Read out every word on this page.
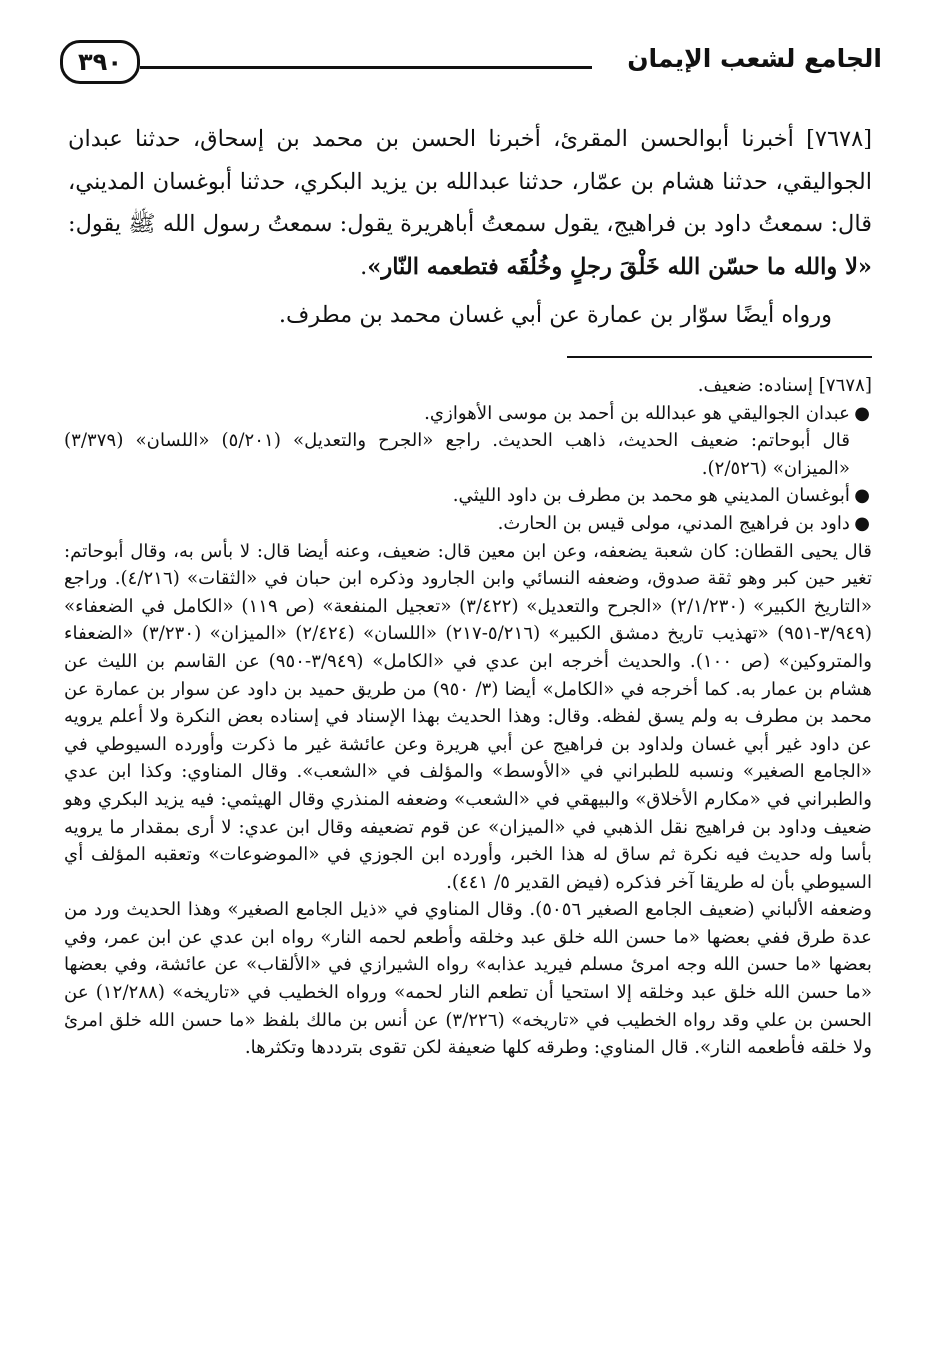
الجامع لشعب الإيمان
٣٩٠

[٧٦٧٨] أخبرنا أبوالحسن المقرئ، أخبرنا الحسن بن محمد بن إسحاق، حدثنا عبدان الجواليقي، حدثنا هشام بن عمّار، حدثنا عبدالله بن يزيد البكري، حدثنا أبوغسان المديني، قال: سمعتُ داود بن فراهيج، يقول سمعتُ أباهريرة يقول: سمعتُ رسول الله ﷺ يقول: «لا والله ما حسّن الله خَلْقَ رجلٍ وخُلُقَه فتطعمه النّار».

ورواه أيضًا سوّار بن عمارة عن أبي غسان محمد بن مطرف.

[٧٦٧٨] إسناده: ضعيف.

●
عبدان الجواليقي هو عبدالله بن أحمد بن موسى الأهوازي.

قال أبوحاتم: ضعيف الحديث، ذاهب الحديث. راجع «الجرح والتعديل» (٥/٢٠١) «اللسان» (٣/٣٧٩) «الميزان» (٢/٥٢٦).

●
أبوغسان المديني هو محمد بن مطرف بن داود الليثي.
●
داود بن فراهيج المدني، مولى قيس بن الحارث.

قال يحيى القطان: كان شعبة يضعفه، وعن ابن معين قال: ضعيف، وعنه أيضا قال: لا بأس به، وقال أبوحاتم: تغير حين كبر وهو ثقة صدوق، وضعفه النسائي وابن الجارود وذكره ابن حبان في «الثقات» (٤/٢١٦). وراجع «التاريخ الكبير» (٢/١/٢٣٠) «الجرح والتعديل» (٣/٤٢٢) «تعجيل المنفعة» (ص ١١٩) «الكامل في الضعفاء» (٣/٩٤٩-٩٥١) «تهذيب تاريخ دمشق الكبير» (٥/٢١٦-٢١٧) «اللسان» (٢/٤٢٤) «الميزان» (٣/٢٣٠) «الضعفاء والمتروكين» (ص ١٠٠). والحديث أخرجه ابن عدي في «الكامل» (٣/٩٤٩-٩٥٠) عن القاسم بن الليث عن هشام بن عمار به. كما أخرجه في «الكامل» أيضا (٣/ ٩٥٠) من طريق حميد بن داود عن سوار بن عمارة عن محمد بن مطرف به ولم يسق لفظه. وقال: وهذا الحديث بهذا الإسناد في إسناده بعض النكرة ولا أعلم يرويه عن داود غير أبي غسان ولداود بن فراهيج عن أبي هريرة وعن عائشة غير ما ذكرت وأورده السيوطي في «الجامع الصغير» ونسبه للطبراني في «الأوسط» والمؤلف في «الشعب». وقال المناوي: وكذا ابن عدي والطبراني في «مكارم الأخلاق» والبيهقي في «الشعب» وضعفه المنذري وقال الهيثمي: فيه يزيد البكري وهو ضعيف وداود بن فراهيج نقل الذهبي في «الميزان» عن قوم تضعيفه وقال ابن عدي: لا أرى بمقدار ما يرويه بأسا وله حديث فيه نكرة ثم ساق له هذا الخبر، وأورده ابن الجوزي في «الموضوعات» وتعقبه المؤلف أي السيوطي بأن له طريقا آخر فذكره (فيض القدير ٥/ ٤٤١).

وضعفه الألباني (ضعيف الجامع الصغير ٥٠٥٦). وقال المناوي في «ذيل الجامع الصغير» وهذا الحديث ورد من عدة طرق ففي بعضها «ما حسن الله خلق عبد وخلقه وأطعم لحمه النار» رواه ابن عدي عن ابن عمر، وفي بعضها «ما حسن الله وجه امرئ مسلم فيريد عذابه» رواه الشيرازي في «الألقاب» عن عائشة، وفي بعضها «ما حسن الله خلق عبد وخلقه إلا استحيا أن تطعم النار لحمه» ورواه الخطيب في «تاريخه» (١٢/٢٨٨) عن الحسن بن علي وقد رواه الخطيب في «تاريخه» (٣/٢٢٦) عن أنس بن مالك بلفظ «ما حسن الله خلق امرئ ولا خلقه فأطعمه النار». قال المناوي: وطرقه كلها ضعيفة لكن تقوى بترددها وتكثرها.
